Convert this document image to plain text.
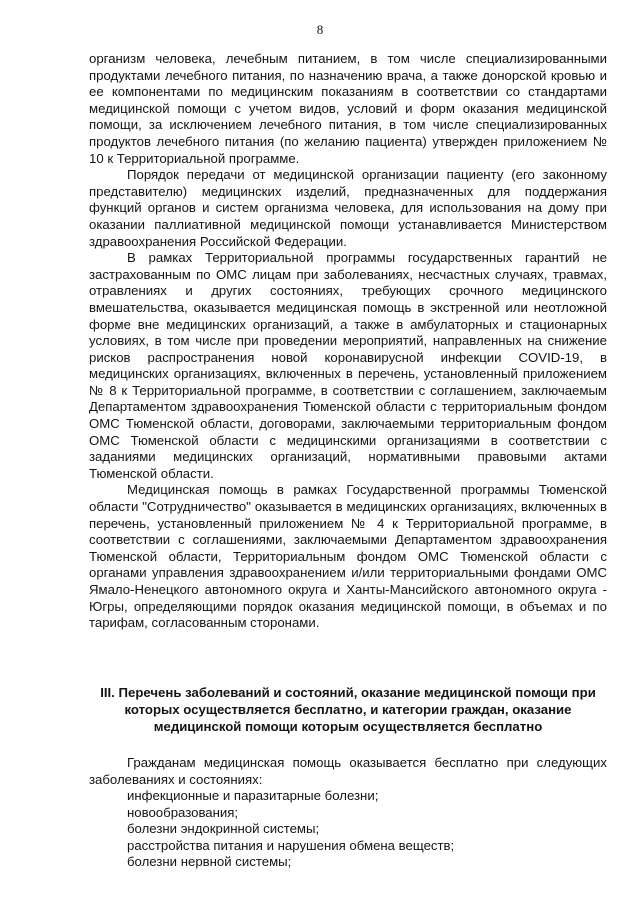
8

организм человека, лечебным питанием, в том числе специализированными продуктами лечебного питания, по назначению врача, а также донорской кровью и ее компонентами по медицинским показаниям в соответствии со стандартами медицинской помощи с учетом видов, условий и форм оказания медицинской помощи, за исключением лечебного питания, в том числе специализированных продуктов лечебного питания (по желанию пациента) утвержден приложением № 10 к Территориальной программе.

Порядок передачи от медицинской организации пациенту (его законному представителю) медицинских изделий, предназначенных для поддержания функций органов и систем организма человека, для использования на дому при оказании паллиативной медицинской помощи устанавливается Министерством здравоохранения Российской Федерации.

В рамках Территориальной программы государственных гарантий не застрахованным по ОМС лицам при заболеваниях, несчастных случаях, травмах, отравлениях и других состояниях, требующих срочного медицинского вмешательства, оказывается медицинская помощь в экстренной или неотложной форме вне медицинских организаций, а также в амбулаторных и стационарных условиях, в том числе при проведении мероприятий, направленных на снижение рисков распространения новой коронавирусной инфекции COVID-19, в медицинских организациях, включенных в перечень, установленный приложением № 8 к Территориальной программе, в соответствии с соглашением, заключаемым Департаментом здравоохранения Тюменской области с территориальным фондом ОМС Тюменской области, договорами, заключаемыми территориальным фондом ОМС Тюменской области с медицинскими организациями в соответствии с заданиями медицинских организаций, нормативными правовыми актами Тюменской области.

Медицинская помощь в рамках Государственной программы Тюменской области "Сотрудничество" оказывается в медицинских организациях, включенных в перечень, установленный приложением № 4 к Территориальной программе, в соответствии с соглашениями, заключаемыми Департаментом здравоохранения Тюменской области, Территориальным фондом ОМС Тюменской области с органами управления здравоохранением и/или территориальными фондами ОМС Ямало-Ненецкого автономного округа и Ханты-Мансийского автономного округа - Югры, определяющими порядок оказания медицинской помощи, в объемах и по тарифам, согласованным сторонами.

III. Перечень заболеваний и состояний, оказание медицинской помощи при которых осуществляется бесплатно, и категории граждан, оказание медицинской помощи которым осуществляется бесплатно

Гражданам медицинская помощь оказывается бесплатно при следующих заболеваниях и состояниях:

инфекционные и паразитарные болезни;
новообразования;
болезни эндокринной системы;
расстройства питания и нарушения обмена веществ;
болезни нервной системы;
